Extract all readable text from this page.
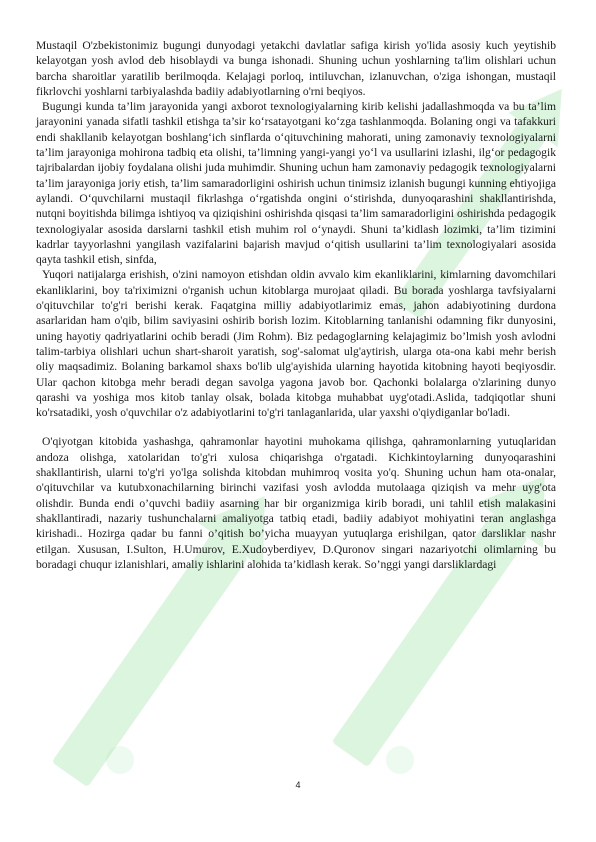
Mustaqil O'zbekistonimiz bugungi dunyodagi yetakchi davlatlar safiga kirish yo'lida asosiy kuch yeytishib kelayotgan yosh avlod deb hisoblaydi va bunga ishonadi. Shuning uchun yoshlarning ta'lim olishlari uchun barcha sharoitlar yaratilib berilmoqda. Kelajagi porloq, intiluvchan, izlanuvchan, o'ziga ishongan, mustaqil fikrlovchi yoshlarni tarbiyalashda badiiy adabiyotlarning o'rni beqiyos.

Bugungi kunda ta’lim jarayonida yangi axborot texnologiyalarning kirib kelishi jadallashmoqda va bu ta’lim jarayonini yanada sifatli tashkil etishga ta’sir ko‘rsatayotgani ko‘zga tashlanmoqda. Bolaning ongi va tafakkuri endi shakllanib kelayotgan boshlang‘ich sinflarda o‘qituvchining mahorati, uning zamonaviy texnologiyalarni ta’lim jarayoniga mohirona tadbiq eta olishi, ta’limning yangi-yangi yo‘l va usullarini izlashi, ilg‘or pedagogik tajribalardan ijobiy foydalana olishi juda muhimdir. Shuning uchun ham zamonaviy pedagogik texnologiyalarni ta’lim jarayoniga joriy etish, ta’lim samaradorligini oshirish uchun tinimsiz izlanish bugungi kunning ehtiyojiga aylandi. O‘quvchilarni mustaqil fikrlashga o‘rgatishda ongini o‘stirishda, dunyoqarashini shakllantirishda, nutqni boyitishda bilimga ishtiyoq va qiziqishini oshirishda qisqasi ta’lim samaradorligini oshirishda pedagogik texnologiyalar asosida darslarni tashkil etish muhim rol o‘ynaydi. Shuni ta’kidlash lozimki, ta’lim tizimini kadrlar tayyorlashni yangilash vazifalarini bajarish mavjud o‘qitish usullarini ta’lim texnologiyalari asosida qayta tashkil etish, sinfda,

Yuqori natijalarga erishish, o'zini namoyon etishdan oldin avvalo kim ekanliklarini, kimlarning davomchilari ekanliklarini, boy ta'riximizni o'rganish uchun kitoblarga murojaat qiladi. Bu borada yoshlarga tavfsiyalarni o'qituvchilar to'g'ri berishi kerak. Faqatgina milliy adabiyotlarimiz emas, jahon adabiyotining durdona asarlaridan ham o'qib, bilim saviyasini oshirib borish lozim. Kitoblarning tanlanishi odamning fikr dunyosini, uning hayotiy qadriyatlarini ochib beradi (Jim Rohm). Biz pedagoglarning kelajagimiz bo’lmish yosh avlodni talim-tarbiya olishlari uchun shart-sharoit yaratish, sog'-salomat ulg'aytirish, ularga ota-ona kabi mehr berish oliy maqsadimiz. Bolaning barkamol shaxs bo'lib ulg'ayishida ularning hayotida kitobning hayoti beqiyosdir. Ular qachon kitobga mehr beradi degan savolga yagona javob bor. Qachonki bolalarga o'zlarining dunyo qarashi va yoshiga mos kitob tanlay olsak, bolada kitobga muhabbat uyg'otadi.Aslida, tadqiqotlar shuni ko'rsatadiki, yosh o'quvchilar o'z adabiyotlarini to'g'ri tanlaganlarida, ular yaxshi o'qiydiganlar bo'ladi.

O'qiyotgan kitobida yashashga, qahramonlar hayotini muhokama qilishga, qahramonlarning yutuqlaridan andoza olishga, xatolaridan to'g'ri xulosa chiqarishga o'rgatadi. Kichkintoylarning dunyoqarashini shakllantirish, ularni to'g'ri yo'lga solishda kitobdan muhimroq vosita yo'q. Shuning uchun ham ota-onalar, o'qituvchilar va kutubxonachilarning birinchi vazifasi yosh avlodda mutolaaga qiziqish va mehr uyg'ota olishdir. Bunda endi o’quvchi badiiy asarning har bir organizmiga kirib boradi, uni tahlil etish malakasini shakllantiradi, nazariy tushunchalarni amaliyotga tatbiq etadi, badiiy adabiyot mohiyatini teran anglashga kirishadi.. Hozirga qadar bu fanni o’qitish bo’yicha muayyan yutuqlarga erishilgan, qator darsliklar nashr etilgan. Xususan, I.Sulton, H.Umurov, E.Xudoyberdiyev, D.Quronov singari nazariyotchi olimlarning bu boradagi chuqur izlanishlari, amaliy ishlarini alohida ta’kidlash kerak. So’nggi yangi darsliklardagi

4
